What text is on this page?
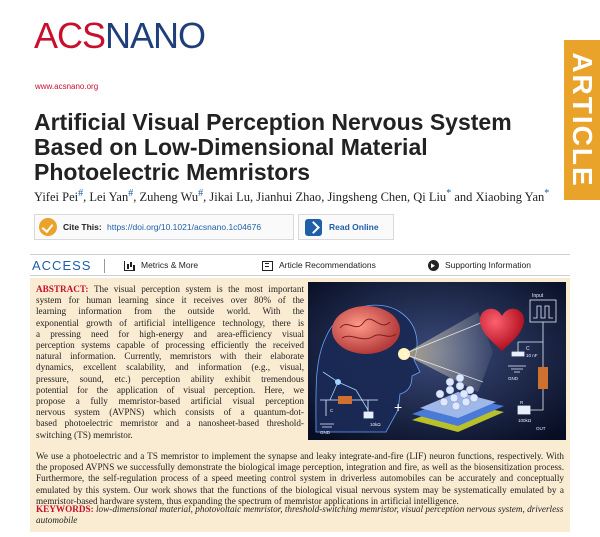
ACSNANO
www.acsnano.org	ARTICLE
Artificial Visual Perception Nervous System Based on Low-Dimensional Material Photoelectric Memristors
Yifei Pei#, Lei Yan#, Zuheng Wu#, Jikai Lu, Jianhui Zhao, Jingsheng Chen, Qi Liu* and Xiaobing Yan*
Cite This: https://doi.org/10.1021/acsnano.1c04676	Read Online
ACCESS	Metrics & More	Article Recommendations	Supporting Information
Input
C
10 nF
GND
R
100kΩ
OUT
C
10kΩ
GND
+
ABSTRACT: The visual perception system is the most important
system for human learning since it receives over 80% of the
learning information from the outside world. With the
exponential growth of artificial intelligence technology, there is
a pressing need for high-energy and area-efficiency visual
perception systems capable of processing efficiently the received
natural information. Currently, memristors with their elaborate
dynamics, excellent scalability, and information (e.g., visual,
pressure, sound, etc.) perception ability exhibit tremendous
potential for the application of visual perception. Here, we
propose a fully memristor-based artificial visual perception
nervous system (AVPNS) which consists of a quantum-dot-
based photoelectric memristor and a nanosheet-based threshold-
switching (TS) memristor.
We use a photoelectric and a TS memristor to implement the synapse and leaky integrate-and-fire (LIF) neuron functions, respectively. With the proposed AVPNS we successfully demonstrate the biological image perception, integration and fire, as well as the biosensitization process. Furthermore, the self-regulation process of a speed meeting control system in driverless automobiles can be accurately and conceptually emulated by this system. Our work shows that the functions of the biological visual nervous system may be systematically emulated by a memristor-based hardware system, thus expanding the spectrum of memristor applications in artificial intelligence.
KEYWORDS: low-dimensional material, photovoltaic memristor, threshold-switching memristor, visual perception nervous system, driverless automobile
